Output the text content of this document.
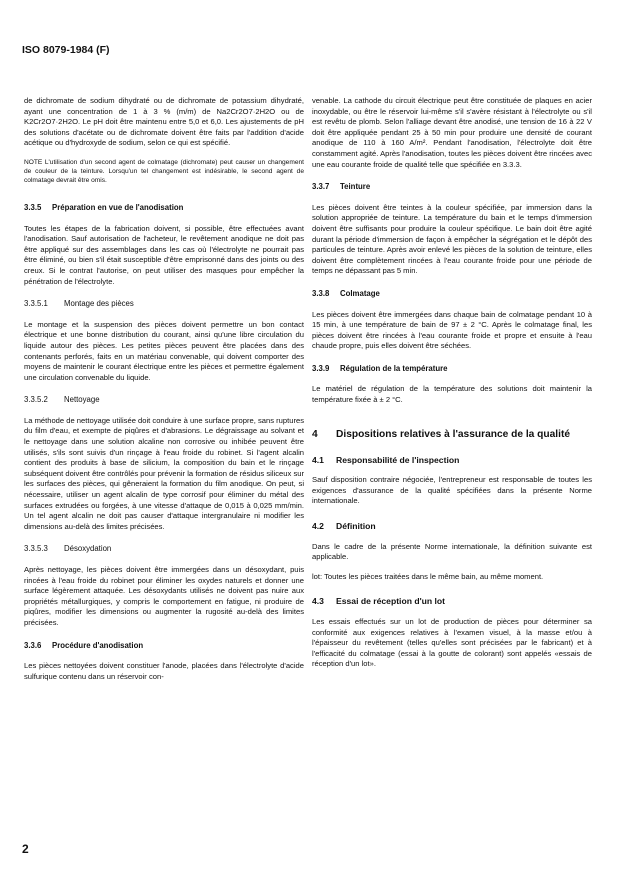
ISO 8079-1984 (F)

de dichromate de sodium dihydraté ou de dichromate de potassium dihydraté, ayant une concentration de 1 à 3 % (m/m) de Na2Cr2O7·2H2O ou de K2Cr2O7·2H2O. Le pH doit être maintenu entre 5,0 et 6,0. Les ajustements de pH des solutions d'acétate ou de dichromate doivent être faits par l'addition d'acide acétique ou d'hydroxyde de sodium, selon ce qui est spécifié.

NOTE L'utilisation d'un second agent de colmatage (dichromate) peut causer un changement de couleur de la teinture. Lorsqu'un tel changement est indésirable, le second agent de colmatage devrait être omis.

3.3.5 Préparation en vue de l'anodisation

Toutes les étapes de la fabrication doivent, si possible, être effectuées avant l'anodisation. Sauf autorisation de l'acheteur, le revêtement anodique ne doit pas être appliqué sur des assemblages dans les cas où l'électrolyte ne pourrait pas être éliminé, ou bien s'il était susceptible d'être emprisonné dans des joints ou des creux. Si le contrat l'autorise, on peut utiliser des masques pour empêcher la pénétration de l'électrolyte.

3.3.5.1 Montage des pièces

Le montage et la suspension des pièces doivent permettre un bon contact électrique et une bonne distribution du courant, ainsi qu'une libre circulation du liquide autour des pièces. Les petites pièces peuvent être placées dans des contenants perforés, faits en un matériau convenable, qui doivent comporter des moyens de maintenir le courant électrique entre les pièces et permettre également une circulation convenable du liquide.

3.3.5.2 Nettoyage

La méthode de nettoyage utilisée doit conduire à une surface propre, sans ruptures du film d'eau, et exempte de piqûres et d'abrasions. Le dégraissage au solvant et le nettoyage dans une solution alcaline non corrosive ou inhibée peuvent être utilisés, s'ils sont suivis d'un rinçage à l'eau froide du robinet. Si l'agent alcalin contient des produits à base de silicium, la composition du bain et le rinçage subséquent doivent être contrôlés pour prévenir la formation de résidus siliceux sur les surfaces des pièces, qui gêneraient la formation du film anodique. On peut, si nécessaire, utiliser un agent alcalin de type corrosif pour éliminer du métal des surfaces extrudées ou forgées, à une vitesse d'attaque de 0,015 à 0,025 mm/min. Un tel agent alcalin ne doit pas causer d'attaque intergranulaire ni modifier les dimensions au-delà des limites précisées.

3.3.5.3 Désoxydation

Après nettoyage, les pièces doivent être immergées dans un désoxydant, puis rincées à l'eau froide du robinet pour éliminer les oxydes naturels et donner une surface légèrement attaquée. Les désoxydants utilisés ne doivent pas nuire aux propriétés métallurgiques, y compris le comportement en fatigue, ni produire de piqûres, modifier les dimensions ou augmenter la rugosité au-delà des limites précisées.

3.3.6 Procédure d'anodisation

Les pièces nettoyées doivent constituer l'anode, placées dans l'électrolyte d'acide sulfurique contenu dans un réservoir con-

venable. La cathode du circuit électrique peut être constituée de plaques en acier inoxydable, ou être le réservoir lui-même s'il s'avère résistant à l'électrolyte ou s'il est revêtu de plomb. Selon l'alliage devant être anodisé, une tension de 16 à 22 V doit être appliquée pendant 25 à 50 min pour produire une densité de courant anodique de 110 à 160 A/m². Pendant l'anodisation, l'électrolyte doit être constamment agité. Après l'anodisation, toutes les pièces doivent être rincées avec une eau courante froide de qualité telle que spécifiée en 3.3.3.

3.3.7 Teinture

Les pièces doivent être teintes à la couleur spécifiée, par immersion dans la solution appropriée de teinture. La température du bain et le temps d'immersion doivent être suffisants pour produire la couleur spécifique. Le bain doit être agité durant la période d'immersion de façon à empêcher la ségrégation et le dépôt des particules de teinture. Après avoir enlevé les pièces de la solution de teinture, elles doivent être complètement rincées à l'eau courante froide pour une période de temps ne dépassant pas 5 min.

3.3.8 Colmatage

Les pièces doivent être immergées dans chaque bain de colmatage pendant 10 à 15 min, à une température de bain de 97 ± 2 °C. Après le colmatage final, les pièces doivent être rincées à l'eau courante froide et propre et ensuite à l'eau chaude propre, puis elles doivent être séchées.

3.3.9 Régulation de la température

Le matériel de régulation de la température des solutions doit maintenir la température fixée à ± 2 °C.

4	Dispositions relatives à l'assurance de la qualité
4.1 Responsabilité de l'inspection

Sauf disposition contraire négociée, l'entrepreneur est responsable de toutes les exigences d'assurance de la qualité spécifiées dans la présente Norme internationale.

4.2 Définition

Dans le cadre de la présente Norme internationale, la définition suivante est applicable.

lot: Toutes les pièces traitées dans le même bain, au même moment.

4.3 Essai de réception d'un lot

Les essais effectués sur un lot de production de pièces pour déterminer sa conformité aux exigences relatives à l'examen visuel, à la masse et/ou à l'épaisseur du revêtement (telles qu'elles sont précisées par le fabricant) et à l'efficacité du colmatage (essai à la goutte de colorant) sont appelés «essais de réception d'un lot».

2
